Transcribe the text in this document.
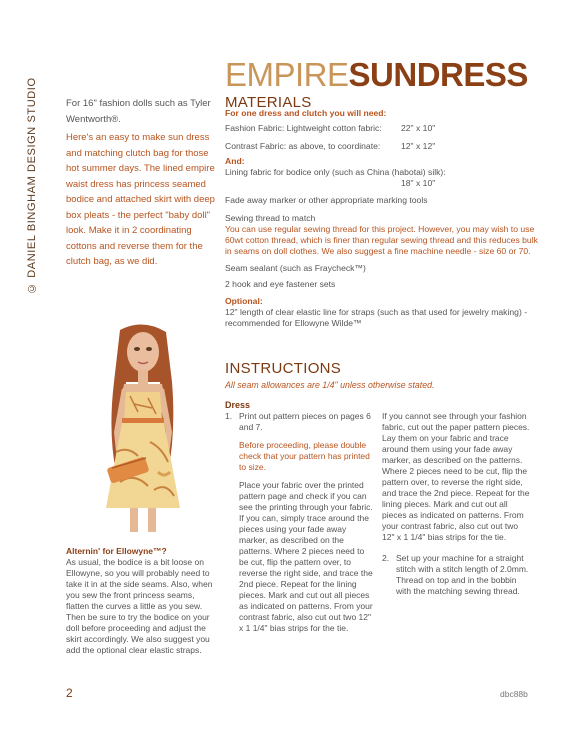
© DANIEL BINGHAM DESIGN STUDIO	For 16" fashion dolls such as Tyler Wentworth®.

Here's an easy to make sun dress and matching clutch bag for those hot summer days. The lined empire waist dress has princess seamed bodice and attached skirt with deep box pleats - the perfect "baby doll" look. Make it in 2 coordinating cottons and reverse them for the clutch bag, as we did.

EMPIRESUNDRESS
MATERIALS
For one dress and clutch you will need:
Fashion Fabric: Lightweight cotton fabric:	22" x 10"
Contrast Fabric: as above, to coordinate:	12" x 12"
And:
Lining fabric for bodice only (such as China (habotai) silk):
18" x 10"
Fade away marker or other appropriate marking tools
Sewing thread to match
You can use regular sewing thread for this project. However, you may wish to use 60wt cotton thread, which is finer than regular sewing thread and this reduces bulk in seams on doll clothes. We also suggest a fine machine needle - size 60 or 70.
Seam sealant (such as Fraycheck™)
2 hook and eye fastener sets
Optional:
12" length of clear elastic line for straps (such as that used for jewelry making) - recommended for Ellowyne Wilde™
INSTRUCTIONS
All seam allowances are 1/4" unless otherwise stated.
Dress
1. Print out pattern pieces on pages 6 and 7.
Before proceeding, please double check that your pattern has printed to size.
Place your fabric over the printed pattern page and check if you can see the printing through your fabric. If you can, simply trace around the pieces using your fade away marker, as described on the patterns. Where 2 pieces need to be cut, flip the pattern over, to reverse the right side, and trace the 2nd piece. Repeat for the lining pieces. Mark and cut out all pieces as indicated on patterns. From your contrast fabric, also cut out two 12" x 1 1/4" bias strips for the tie.
If you cannot see through your fashion fabric, cut out the paper pattern pieces. Lay them on your fabric and trace around them using your fade away marker, as described on the patterns. Where 2 pieces need to be cut, flip the pattern over, to reverse the right side, and trace the 2nd piece. Repeat for the lining pieces. Mark and cut out all pieces as indicated on patterns. From your contrast fabric, also cut out two 12" x 1 1/4" bias strips for the tie.
2. Set up your machine for a straight stitch with a stitch length of 2.0mm. Thread on top and in the bobbin with the matching sewing thread.
Alternin' for Ellowyne™?
As usual, the bodice is a bit loose on Ellowyne, so you will probably need to take it in at the side seams. Also, when you sew the front princess seams, flatten the curves a little as you sew. Then be sure to try the bodice on your doll before proceeding and adjust the skirt accordingly. We also suggest you add the optional clear elastic straps.
2	dbc88b
